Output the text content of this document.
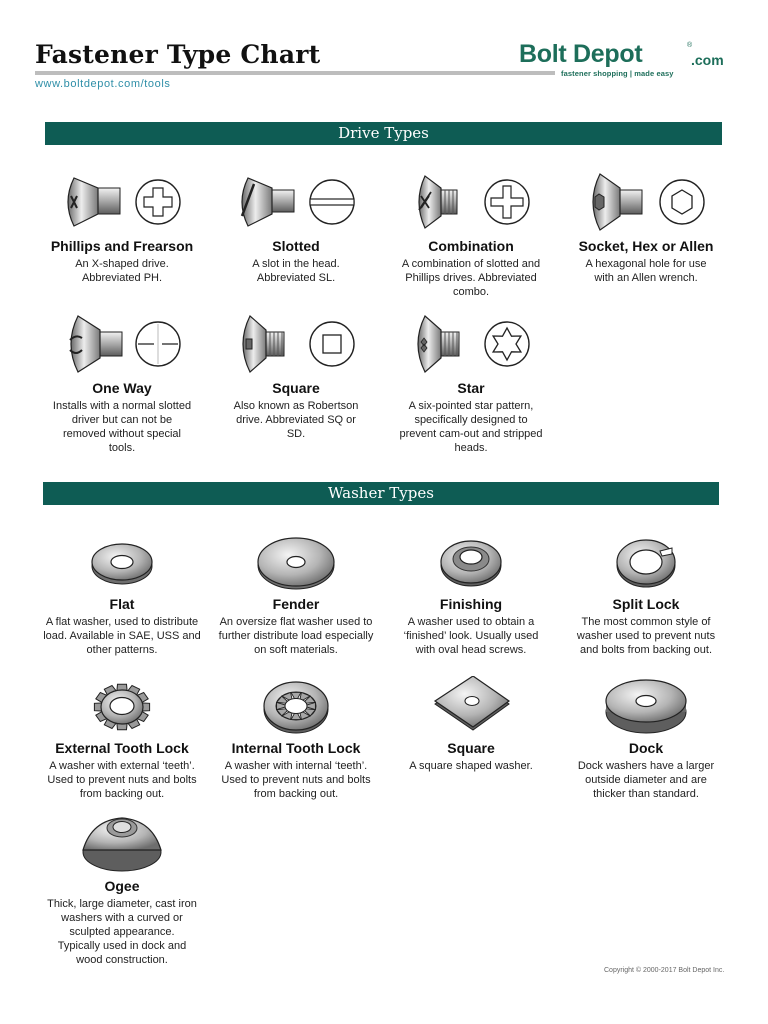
Fastener Type Chart
www.boltdepot.com/tools
Bolt Depot	®
.com
fastener shopping | made easy
Drive Types
Phillips and Frearson
An X-shaped drive. Abbreviated PH.
Slotted
A slot in the head. Abbreviated SL.
Combination
A combination of slotted and Phillips drives. Abbreviated combo.
Socket, Hex or Allen
A hexagonal hole for use with an Allen wrench.
One Way
Installs with a normal slotted driver but can not be removed without special tools.
Square
Also known as Robertson drive. Abbreviated SQ or SD.
Star
A six-pointed star pattern, specifically designed to prevent cam-out and stripped heads.
Washer Types
Flat
A flat washer, used to distribute load. Available in SAE, USS and other patterns.
Fender
An oversize flat washer used to further distribute load especially on soft materials.
Finishing
A washer used to obtain a ‘finished’ look. Usually used with oval head screws.
Split Lock
The most common style of washer used to prevent nuts and bolts from backing out.
External Tooth Lock
A washer with external ‘teeth’. Used to prevent nuts and bolts from backing out.
Internal Tooth Lock
A washer with internal ‘teeth’. Used to prevent nuts and bolts from backing out.
Square
A square shaped washer.
Dock
Dock washers have a larger outside diameter and are thicker than standard.
Ogee
Thick, large diameter, cast iron washers with a curved or sculpted appearance. Typically used in dock and wood construction.
Copyright © 2000-2017 Bolt Depot Inc.
